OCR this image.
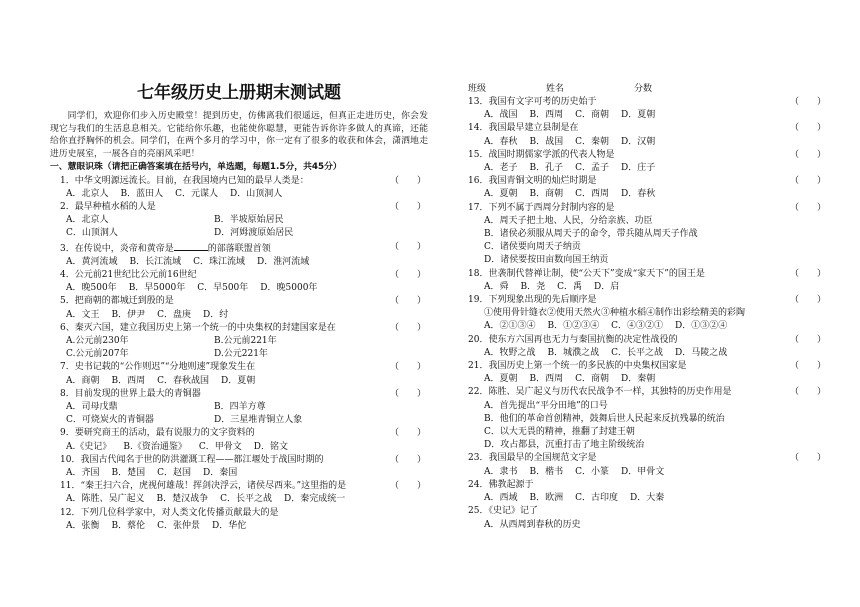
七年级历史上册期末测试题

同学们，欢迎你们步入历史殿堂！提到历史，仿佛离我们很遥远，但真正走进历史，你会发现它与我们的生活息息相关。它能给你乐趣，也能使你聪慧，更能告诉你许多做人的真谛，还能给你直抒胸怀的机会。同学们，在两个多月的学习中，你一定有了很多的收获和体会，潇洒地走进历史展室，一展各自的亮丽风采吧！

一、慧眼识珠（请把正确答案填在括号内，单选题，每题1.5分，共45分）
1．中华文明源远流长。目前，在我国境内已知的最早人类是：	（　　）
A．北京人 B．蓝田人 C．元谋人 D．山顶洞人
2．最早种植水稻的人是	（　　）
A．北京人	B．半坡原始居民
C．山顶洞人	D．河姆渡原始居民
3．在传说中，炎帝和黄帝是	的部落联盟首领	（　　）
A．黄河流域 B．长江流域 C．珠江流域 D．淮河流域
4．公元前21世纪比公元前16世纪	（　　）
A．晚500年 B．早5000年 C．早500年 D．晚5000年
5．把商朝的都城迁到殷的是	（　　）
A．文王 B．伊尹 C．盘庚 D．纣
6、秦灭六国，建立我国历史上第一个统一的中央集权的封建国家是在	（　　）
A.公元前230年	B.公元前221年
C.公元前207年	D.公元221年
7．史书记载的“公作则迟”“分地则速”现象发生在	（　　）
A．商朝 B．西周 C．春秋战国 D．夏朝
8．目前发现的世界上最大的青铜器	（　　）
A．司母戊鼎	B．四羊方尊
C．可烧炭火的青铜器	D．三星堆青铜立人象
9．要研究商王的活动，最有说服力的文字资料的	（　　）
A.《史记》 B.《资治通鉴》 C．甲骨文 D．铭文
10．我国古代闻名于世的防洪灌溉工程——都江堰处于战国时期的	（　　）
A．齐国 B．楚国 C．赵国 D．秦国
11．“秦王扫六合，虎视何雄哉！挥剑决浮云，诸侯尽西来。”这里指的是	（　　）
A．陈胜、吴广起义 B．楚汉战争 C．长平之战 D．秦完成统一
12．下列几位科学家中，对人类文化传播贡献最大的是
A．张衡 B．蔡伦 C．张仲景 D．华佗
班级	姓名	分数
13．我国有文字可考的历史始于	（　　）
A．战国 B．西周 C．商朝 D．夏朝
14．我国最早建立县制是在	（　　）
A．春秋 B．战国 C．秦朝 D．汉朝
15．战国时期儒家学派的代表人物是	（　　）
A．老子 B．孔子 C．孟子 D．庄子
16．我国青铜文明的灿烂时期是	（　　）
A．夏朝 B．商朝 C．西周 D．春秋
17．下列不属于西周分封制内容的是	（　　）
A．周天子把土地、人民，分给亲族、功臣
B．诸侯必须服从周天子的命令，带兵随从周天子作战
C．诸侯要向周天子纳贡
D．诸侯要按田亩数向国王纳贡
18．世袭制代替禅让制，使“公天下”变成“家天下”的国王是	（　　）
A．舜 B．尧 C．禹 D．启
19．下列现象出现的先后顺序是	（　　）
①使用骨针缝衣②使用天然火③种植水稻④制作出彩绘精美的彩陶
A．②①③④ B．①②③④ C．④③②① D．①③②④
20．使东方六国再也无力与秦国抗衡的决定性战役的	（　　）
A．牧野之战 B．城濮之战 C．长平之战 D．马陵之战
21．我国历史上第一个统一的多民族的中央集权国家是	（　　）
A．夏朝 B．西周 C．商朝 D．秦朝
22．陈胜、吴广起义与历代农民战争不一样，其独特的历史作用是	（　　）
A．首先提出“平分田地”的口号
B．他们的革命首创精神，鼓舞后世人民起来反抗残暴的统治
C．以大无畏的精神，推翻了封建王朝
D．攻占都县，沉重打击了地主阶级统治
23．我国最早的全国规范文字是	（　　）
A．隶书 B．楷书 C．小篆 D．甲骨文
24．佛教起源于
A．西域 B．欧洲 C．古印度 D．大秦
25．《史记》记了
A．从西周到春秋的历史
